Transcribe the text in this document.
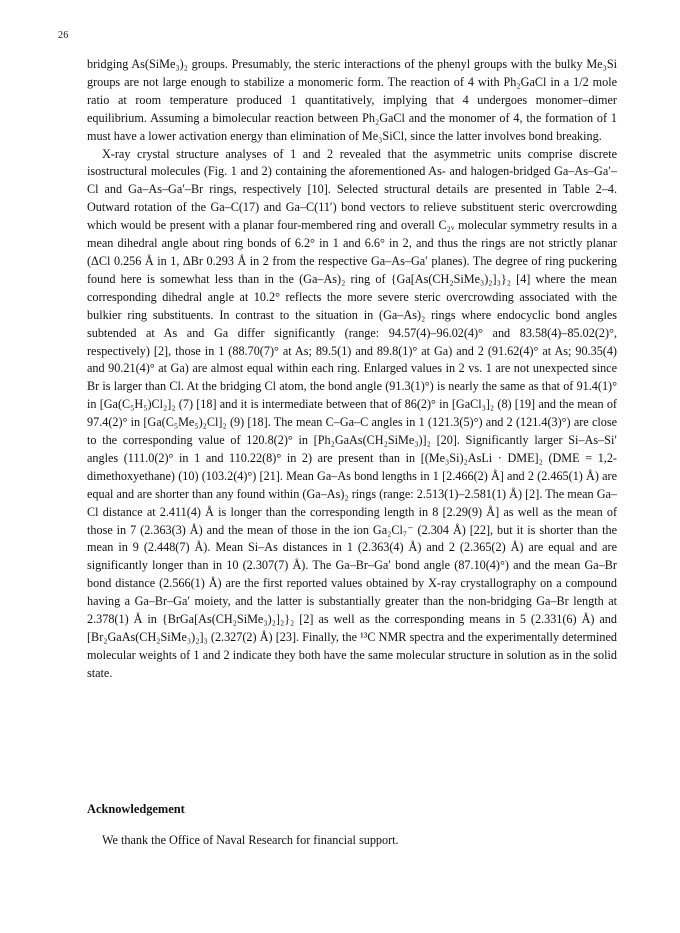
26

bridging As(SiMe₃)₂ groups. Presumably, the steric interactions of the phenyl groups with the bulky Me₃Si groups are not large enough to stabilize a monomeric form. The reaction of 4 with Ph₂GaCl in a 1/2 mole ratio at room temperature produced 1 quantitatively, implying that 4 undergoes monomer–dimer equilibrium. Assuming a bimolecular reaction between Ph₂GaCl and the monomer of 4, the formation of 1 must have a lower activation energy than elimination of Me₃SiCl, since the latter involves bond breaking.

X-ray crystal structure analyses of 1 and 2 revealed that the asymmetric units comprise discrete isostructural molecules (Fig. 1 and 2) containing the aforementioned As- and halogen-bridged Ga–As–Ga′–Cl and Ga–As–Ga′–Br rings, respectively [10]. Selected structural details are presented in Table 2–4. Outward rotation of the Ga–C(17) and Ga–C(11′) bond vectors to relieve substituent steric overcrowding which would be present with a planar four-membered ring and overall C₂ᵥ molecular symmetry results in a mean dihedral angle about ring bonds of 6.2° in 1 and 6.6° in 2, and thus the rings are not strictly planar (ΔCl 0.256 Å in 1, ΔBr 0.293 Å in 2 from the respective Ga–As–Ga′ planes). The degree of ring puckering found here is somewhat less than in the (Ga–As)₂ ring of {Ga[As(CH₂SiMe₃)₂]₃}₂ [4] where the mean corresponding dihedral angle at 10.2° reflects the more severe steric overcrowding associated with the bulkier ring substituents. In contrast to the situation in (Ga–As)₂ rings where endocyclic bond angles subtended at As and Ga differ significantly (range: 94.57(4)–96.02(4)° and 83.58(4)–85.02(2)°, respectively) [2], those in 1 (88.70(7)° at As; 89.5(1) and 89.8(1)° at Ga) and 2 (91.62(4)° at As; 90.35(4) and 90.21(4)° at Ga) are almost equal within each ring. Enlarged values in 2 vs. 1 are not unexpected since Br is larger than Cl. At the bridging Cl atom, the bond angle (91.3(1)°) is nearly the same as that of 91.4(1)° in [Ga(C₅H₅)Cl₂]₂ (7) [18] and it is intermediate between that of 86(2)° in [GaCl₃]₂ (8) [19] and the mean of 97.4(2)° in [Ga(C₅Me₅)₂Cl]₂ (9) [18]. The mean C–Ga–C angles in 1 (121.3(5)°) and 2 (121.4(3)°) are close to the corresponding value of 120.8(2)° in [Ph₂GaAs(CH₂SiMe₃)]₂ [20]. Significantly larger Si–As–Si′ angles (111.0(2)° in 1 and 110.22(8)° in 2) are present than in [(Me₃Si)₂AsLi · DME]₂ (DME = 1,2-dimethoxyethane) (10) (103.2(4)°) [21]. Mean Ga–As bond lengths in 1 [2.466(2) Å] and 2 (2.465(1) Å) are equal and are shorter than any found within (Ga–As)₂ rings (range: 2.513(1)–2.581(1) Å) [2]. The mean Ga–Cl distance at 2.411(4) Å is longer than the corresponding length in 8 [2.29(9) Å] as well as the mean of those in 7 (2.363(3) Å) and the mean of those in the ion Ga₂Cl₇⁻ (2.304 Å) [22], but it is shorter than the mean in 9 (2.448(7) Å). Mean Si–As distances in 1 (2.363(4) Å) and 2 (2.365(2) Å) are equal and are significantly longer than in 10 (2.307(7) Å). The Ga–Br–Ga′ bond angle (87.10(4)°) and the mean Ga–Br bond distance (2.566(1) Å) are the first reported values obtained by X-ray crystallography on a compound having a Ga–Br–Ga′ moiety, and the latter is substantially greater than the non-bridging Ga–Br length at 2.378(1) Å in {BrGa[As(CH₂SiMe₃)₂]₂}₂ [2] as well as the corresponding means in 5 (2.331(6) Å) and [Br₂GaAs(CH₂SiMe₃)₂]₃ (2.327(2) Å) [23]. Finally, the ¹³C NMR spectra and the experimentally determined molecular weights of 1 and 2 indicate they both have the same molecular structure in solution as in the solid state.

Acknowledgement
We thank the Office of Naval Research for financial support.
